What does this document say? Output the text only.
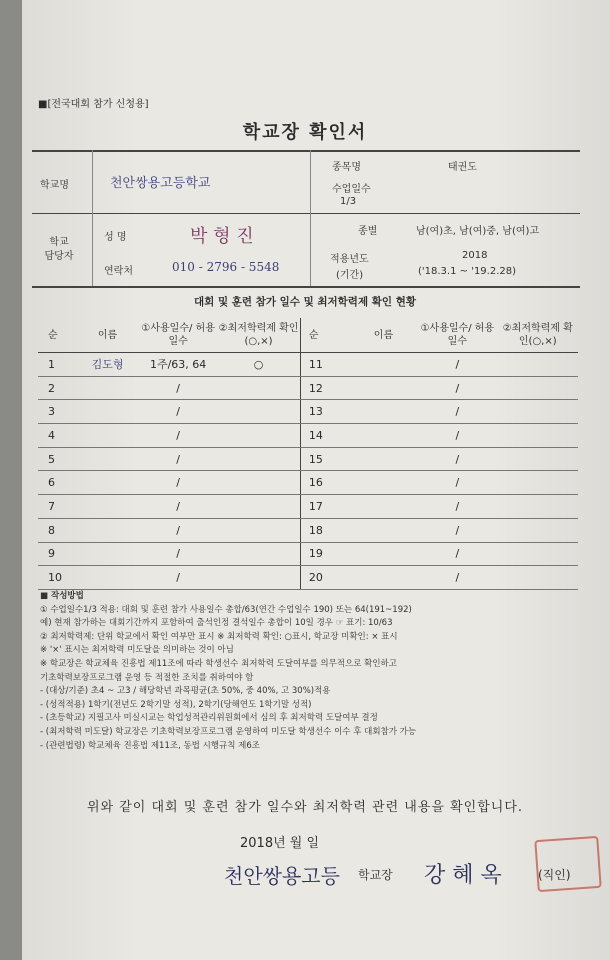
■[전국대회 참가 신청용]
학교장 확인서
학교명	천안쌍용고등학교
종목명	태권도
수업일수
1/3
학교 담당자
성 명	박 형 진
연락처	010 - 2796 - 5548
종별	남(여)초, 남(여)중, 남(여)고
적용년도
(기간)
2018
('18.3.1 ~ '19.2.28)
대회 및 훈련 참가 일수 및 최저학력제 확인 현황
순	이름	①사용일수/ 허용일수	②최저학력제 확인(○,×)	순	이름	①사용일수/ 허용일수	②최저학력제 확인(○,×)
1	김도형	1주/63, 64	○	11		/	
2		/		12		/	
3		/		13		/	
4		/		14		/	
5		/		15		/	
6		/		16		/	
7		/		17		/	
8		/		18		/	
9		/		19		/	
10		/		20		/	
■ 작성방법
① 수업일수1/3 적용: 대회 및 훈련 참가 사용일수 총합/63(연간 수업일수 190) 또는 64(191~192)
예) 현재 참가하는 대회기간까지 포함하여 출석인정 결석일수 총합이 10일 경우 ☞ 표기: 10/63
② 최저학력제: 단위 학교에서 확인 여부만 표시 ※ 최저학력 확인: ○표시, 학교장 미확인: × 표시
※ '×' 표시는 최저학력 미도달을 의미하는 것이 아님
※ 학교장은 학교체육 진흥법 제11조에 따라 학생선수 최저학력 도달여부를 의무적으로 확인하고
기초학력보장프로그램 운영 등 적절한 조치를 취하여야 함
- (대상/기준) 초4 ~ 고3 / 해당학년 과목평균(초 50%, 중 40%, 고 30%)적용
- (성적적용) 1학기(전년도 2학기말 성적), 2학기(당해연도 1학기말 성적)
- (초등학교) 지필고사 미실시교는 학업성적관리위원회에서 심의 후 최저학력 도달여부 결정
- (최저학력 미도달) 학교장은 기초학력보장프로그램 운영하여 미도달 학생선수 이수 후 대회참가 가능
- (관련법령) 학교체육 진흥법 제11조, 동법 시행규칙 제6조
위와 같이 대회 및 훈련 참가 일수와 최저학력 관련 내용을 확인합니다.
2018년 월 일
천안쌍용고등 학교장 강 혜 옥	(직인)
